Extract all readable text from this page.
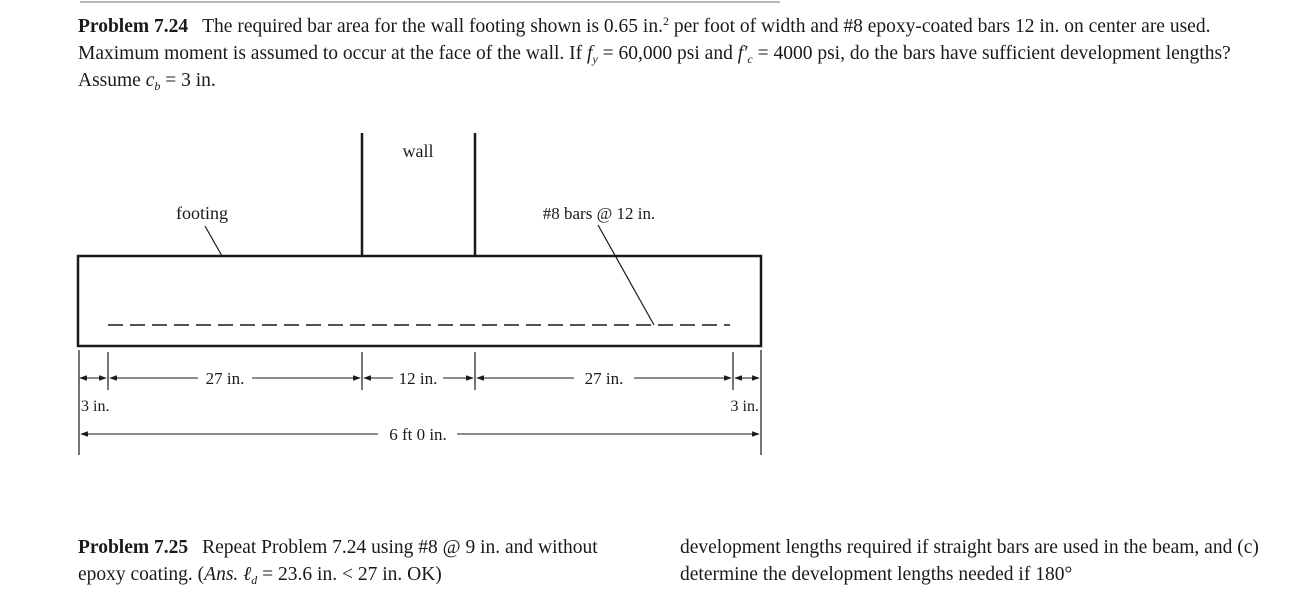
Problem 7.24 The required bar area for the wall footing shown is 0.65 in.$^2$ per foot of width and #8 epoxy-coated bars 12 in. on center are used. Maximum moment is assumed to occur at the face of the wall. If $f_y = 60,000$ psi and $f'_c = 4000$ psi, do the bars have sufficient development lengths? Assume $c_b = 3$ in.
wall
footing	#8 bars @ 12 in.
27 in.	12 in.	27 in.
3 in.	3 in.
6 ft 0 in.
Problem 7.25 Repeat Problem 7.24 using #8 @ 9 in. and without epoxy coating. (Ans. ℓ$_d$ = 23.6 in. < 27 in. OK)
development lengths required if straight bars are used in the beam, and (c) determine the development lengths needed if 180°
